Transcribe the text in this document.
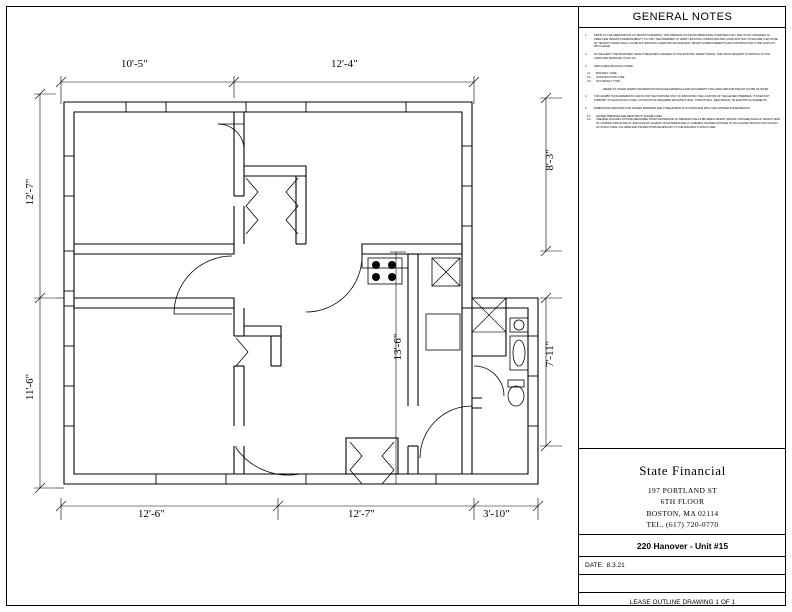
10'-5"	12'-4"
12'-7"
11'-6"
8'-3"
7'-11"
13'-6"
12'-6"	12'-7"	3'-10"
GENERAL NOTES
1.	PRIOR TO THE PREPARATION OF TENANT'S DRAWING, THIS DRAWING IS FOR INFORMATIONAL PURPOSES ONLY AND IS NOT INTENDED TO PRECLUDE TENANT'S RESPONSIBILITY TO VISIT THE PREMISES TO VERIFY EXISTING CONDITIONS AND CONSTRUCTION TO ENSURE THAT NONE OF TENANT'S WORK SHALL CAUSE ANY EXISTING LANDLORD OR ADJACENT TENANT'S IMPROVEMENTS AND CONSTRUCTION TO BE CONFLICT WITH LEASE.
2.	IN THE EVENT THE PROPOSED TENANT REQUIRES CHANGES TO THE EXISTING TENANT SPACE, THEY MUST REQUEST IN WRITING TO THE LANDLORD APPROVAL TO DO SO.
3.	APPLICABLE BUILDING CODES:
3.1.	BUILDING CODE:
3.2.	CONSTRUCTION TYPE:
3.3.	OCCUPANCY TYPE:
REFER TO OTHER TENANT INFORMATION PACKAGE MATERIALS AND DOCUMENTS FOR LANDLORD AND TENANT SCOPE OF WORK.
4.	THIS EXHIBIT IS DIAGRAMMATIC AND IS FOR THE PURPOSE ONLY OF INDICATING THE LOCATION OF THE LEASED PREMISES. IT DOES NOT PURPORT TO SHOW EXACT FINAL LOCATIONS OF REQUIRED ARCHITECTURAL, STRUCTURAL, MECHANICAL OR ELECTRICAL ELEMENTS.
5.	DIMENSIONS INDICATED FOR LEASED PREMISES ARE IN MEASURED IN ACCORDANCE WITH THE CRITERIA STATED BELOW:
5.1.	LEASED PREMISES ARE DENOTED IN SHADED AREA.
5.2.	USEABLE SQUARE FOOTAGE MEASURED FROM CENTERLINE OF DEMISING WALLS BETWEEN TENANT SPACES, FINISHED FACE OF TENANT SIDE OF COMMON SPACE WALLS, AND FACE OF GLAZING ON EXTERIOR WALLS. USEABLE SQUARE FOOTAGE IS CALCULATED WITHOUT EXCLUSION OF STRUCTURAL COLUMNS AND PROJECTIONS NECESSARY TO THE BUILDING'S STRUCTURE.
State Financial
197 PORTLAND ST
6TH FLOOR
BOSTON, MA 02114
TEL. (617) 720-0770
220 Hanover - Unit #15
DATE: 8.3.21
LEASE OUTLINE DRAWING 1 OF 1
